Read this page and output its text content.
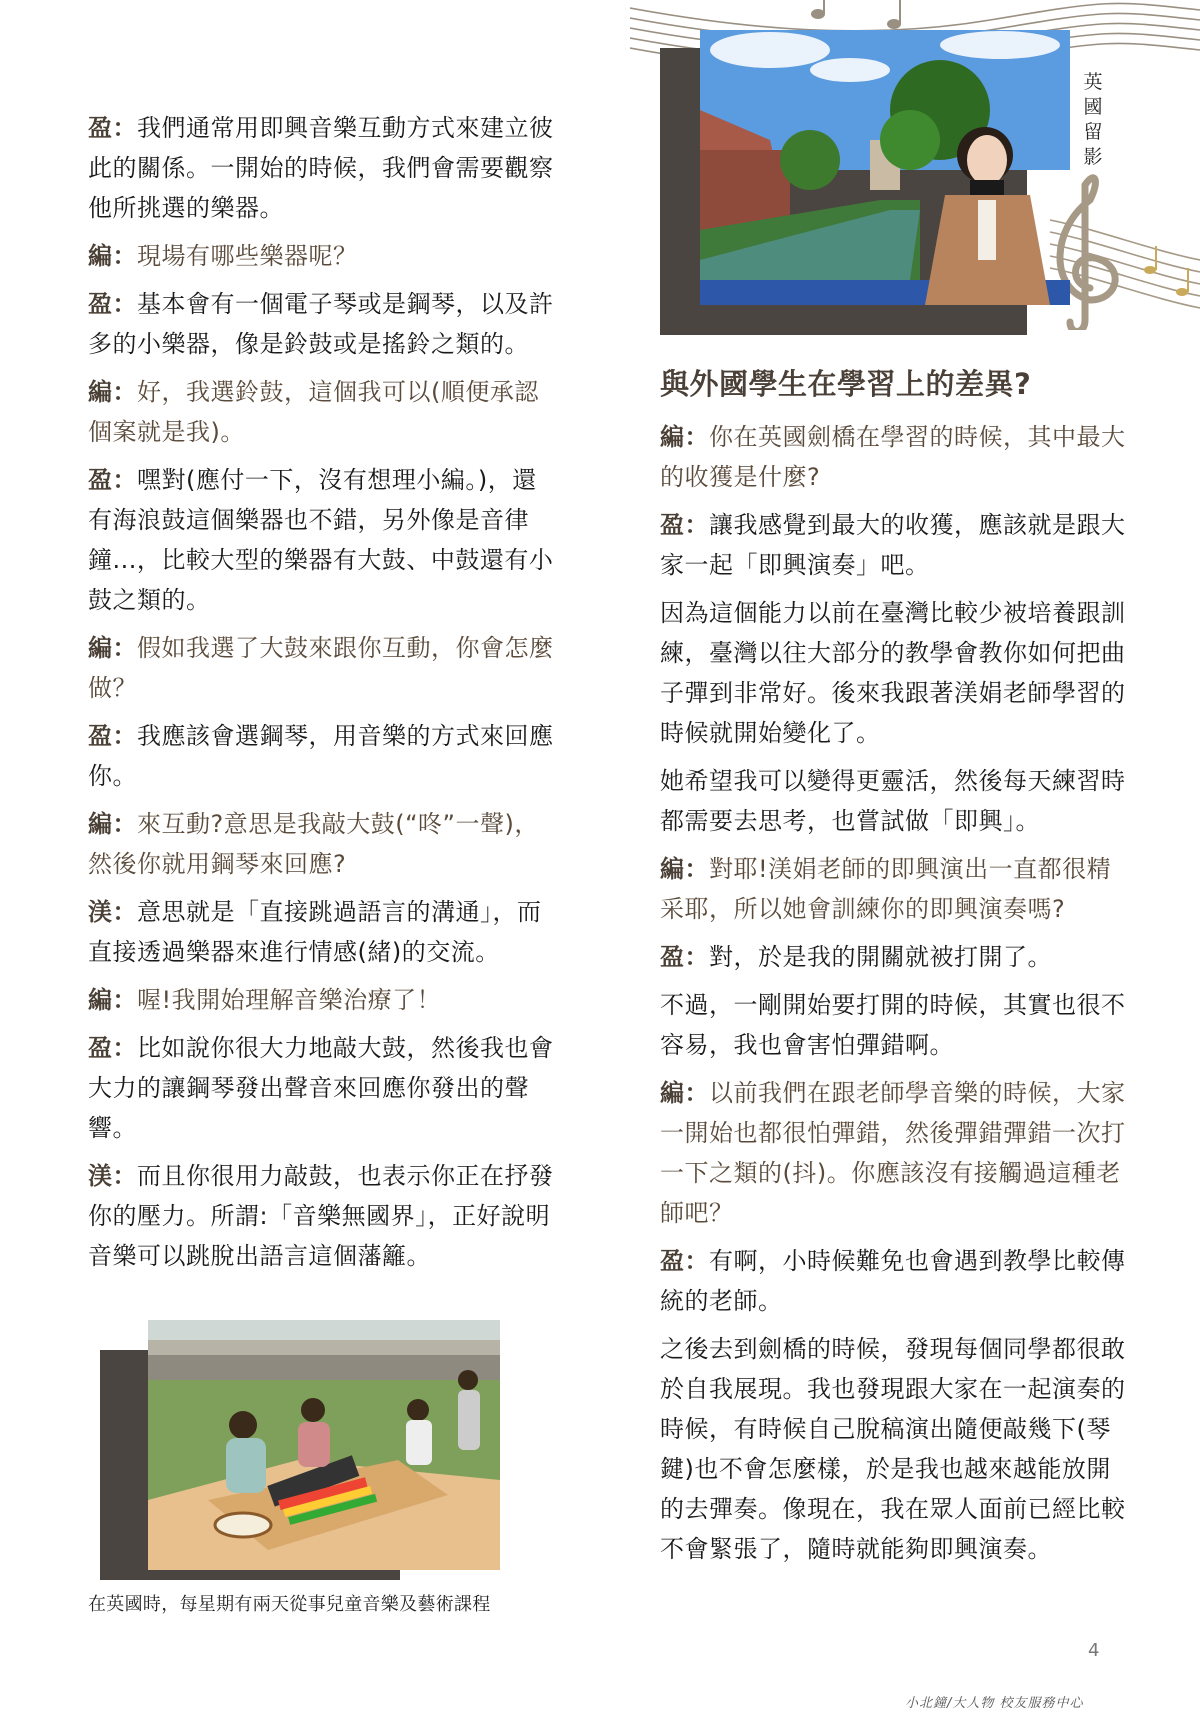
盈：我們通常用即興音樂互動方式來建立彼此的關係。一開始的時候，我們會需要觀察他所挑選的樂器。

編：現場有哪些樂器呢？

盈：基本會有一個電子琴或是鋼琴，以及許多的小樂器，像是鈴鼓或是搖鈴之類的。

編：好，我選鈴鼓，這個我可以(順便承認個案就是我)。

盈：嘿對(應付一下，沒有想理小編。)，還有海浪鼓這個樂器也不錯，另外像是音律鐘...，比較大型的樂器有大鼓、中鼓還有小鼓之類的。

編：假如我選了大鼓來跟你互動，你會怎麼做？

盈：我應該會選鋼琴，用音樂的方式來回應你。

編：來互動?意思是我敲大鼓(“咚”一聲)，然後你就用鋼琴來回應?

渼：意思就是「直接跳過語言的溝通」，而直接透過樂器來進行情感(緒)的交流。

編：喔!我開始理解音樂治療了！

盈：比如說你很大力地敲大鼓，然後我也會大力的讓鋼琴發出聲音來回應你發出的聲響。

渼：而且你很用力敲鼓，也表示你正在抒發你的壓力。所謂:「音樂無國界」，正好說明音樂可以跳脫出語言這個藩籬。

在英國時，每星期有兩天從事兒童音樂及藝術課程
英國留影
與外國學生在學習上的差異?

編：你在英國劍橋在學習的時候，其中最大的收獲是什麼?

盈：讓我感覺到最大的收獲，應該就是跟大家一起「即興演奏」吧。

因為這個能力以前在臺灣比較少被培養跟訓練，臺灣以往大部分的教學會教你如何把曲子彈到非常好。後來我跟著渼娟老師學習的時候就開始變化了。

她希望我可以變得更靈活，然後每天練習時都需要去思考，也嘗試做「即興」。

編：對耶!渼娟老師的即興演出一直都很精采耶，所以她會訓練你的即興演奏嗎?

盈：對，於是我的開關就被打開了。

不過，一剛開始要打開的時候，其實也很不容易，我也會害怕彈錯啊。

編：以前我們在跟老師學音樂的時候，大家一開始也都很怕彈錯，然後彈錯彈錯一次打一下之類的(抖)。你應該沒有接觸過這種老師吧？

盈：有啊，小時候難免也會遇到教學比較傳統的老師。

之後去到劍橋的時候，發現每個同學都很敢於自我展現。我也發現跟大家在一起演奏的時候，有時候自己脫稿演出隨便敲幾下(琴鍵)也不會怎麼樣，於是我也越來越能放開的去彈奏。像現在，我在眾人面前已經比較不會緊張了，隨時就能夠即興演奏。

4
小北鐘/大人物 校友服務中心
